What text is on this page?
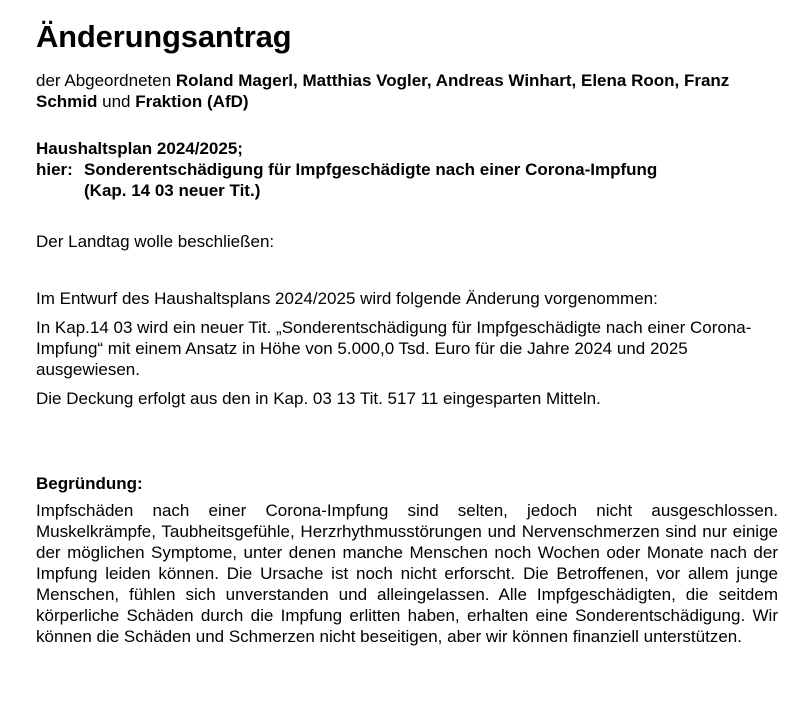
Änderungsantrag

der Abgeordneten Roland Magerl, Matthias Vogler, Andreas Winhart, Elena Roon, Franz Schmid und Fraktion (AfD)

Haushaltsplan 2024/2025;
hier: Sonderentschädigung für Impfgeschädigte nach einer Corona-Impfung
(Kap. 14 03 neuer Tit.)

Der Landtag wolle beschließen:

Im Entwurf des Haushaltsplans 2024/2025 wird folgende Änderung vorgenommen:

In Kap.14 03 wird ein neuer Tit. „Sonderentschädigung für Impfgeschädigte nach einer Corona-Impfung“ mit einem Ansatz in Höhe von 5.000,0 Tsd. Euro für die Jahre 2024 und 2025 ausgewiesen.

Die Deckung erfolgt aus den in Kap. 03 13 Tit. 517 11 eingesparten Mitteln.

Begründung:

Impfschäden nach einer Corona-Impfung sind selten, jedoch nicht ausgeschlossen. Muskelkrämpfe, Taubheitsgefühle, Herzrhythmusstörungen und Nervenschmerzen sind nur einige der möglichen Symptome, unter denen manche Menschen noch Wochen oder Monate nach der Impfung leiden können. Die Ursache ist noch nicht erforscht. Die Betroffenen, vor allem junge Menschen, fühlen sich unverstanden und alleingelassen. Alle Impfgeschädigten, die seitdem körperliche Schäden durch die Impfung erlitten haben, erhalten eine Sonderentschädigung. Wir können die Schäden und Schmerzen nicht beseitigen, aber wir können finanziell unterstützen.
